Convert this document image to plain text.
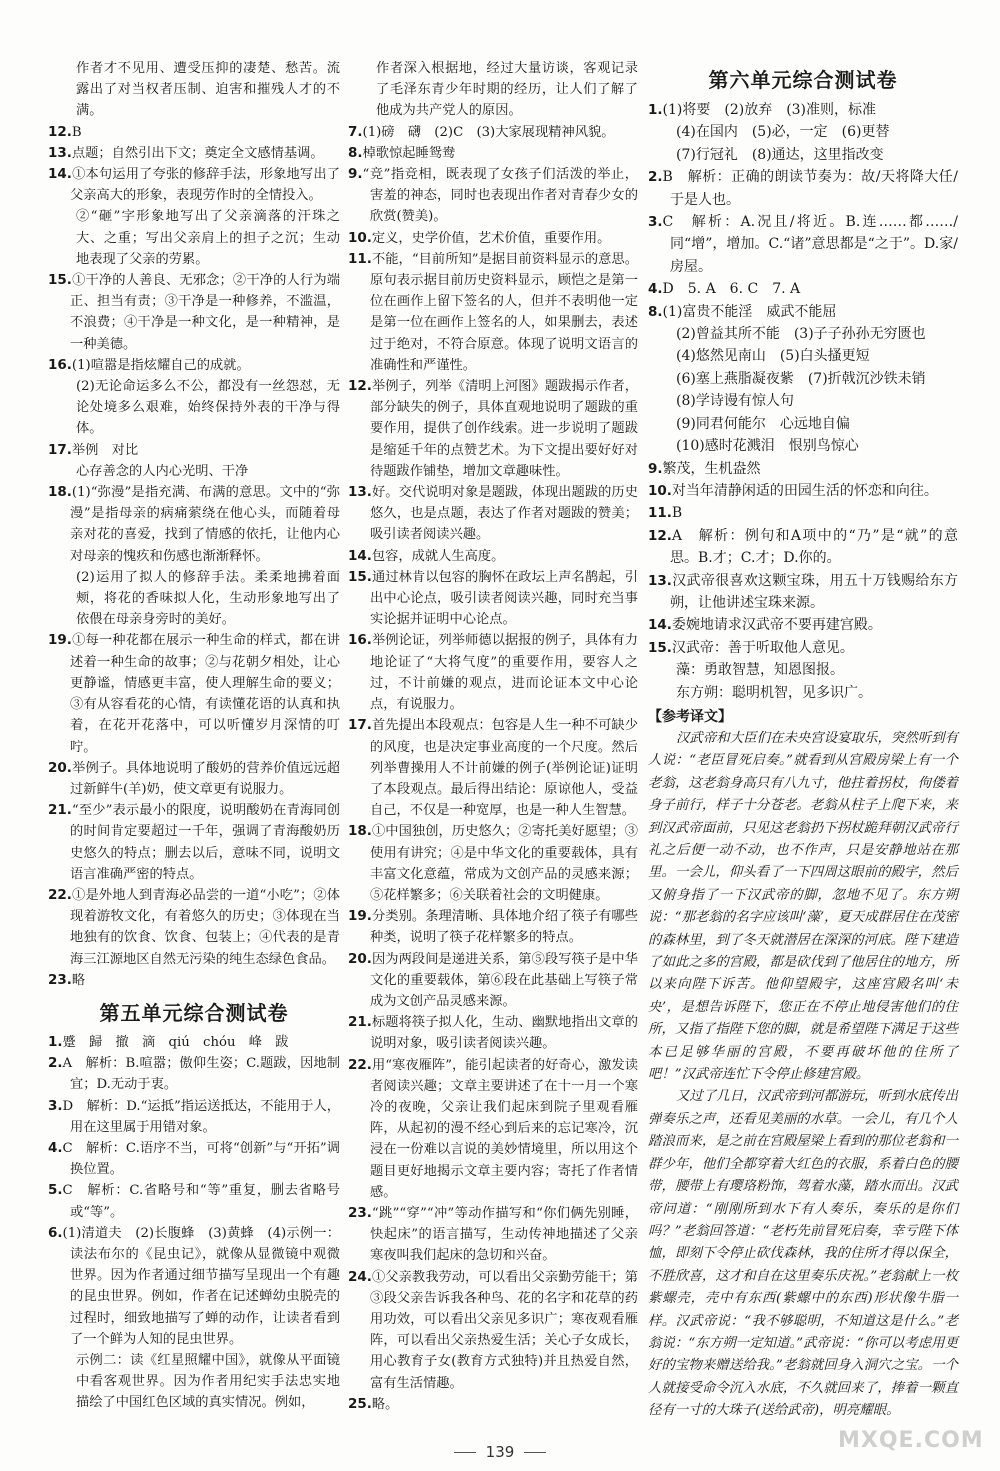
作者才不见用、遭受压抑的凄楚、愁苦。流露出了对当权者压制、迫害和摧残人才的不满。

12.B

13.点题；自然引出下文；奠定全文感情基调。

14.①本句运用了夸张的修辞手法，形象地写出了父亲高大的形象，表现劳作时的全情投入。

②“砸”字形象地写出了父亲滴落的汗珠之大、之重；写出父亲肩上的担子之沉；生动地表现了父亲的劳累。

15.①干净的人善良、无邪念；②干净的人行为端正、担当有责；③干净是一种修养，不滥温，不浪费；④干净是一种文化，是一种精神，是一种美德。

16.(1)喧嚣是指炫耀自己的成就。

(2)无论命运多么不公，都没有一丝怨怼，无论处境多么艰难，始终保持外表的干净与得体。

17.举例　对比

心存善念的人内心光明、干净

18.(1)“弥漫”是指充满、布满的意思。文中的“弥漫”是指母亲的病痛萦绕在他心头，而随着母亲对花的喜爱，找到了情感的依托，让他内心对母亲的愧疚和伤感也渐渐释怀。

(2)运用了拟人的修辞手法。柔柔地拂着面颊，将花的香味拟人化，生动形象地写出了依偎在母亲身旁时的美好。

19.①每一种花都在展示一种生命的样式，都在讲述着一种生命的故事；②与花朝夕相处，让心更静谧，情感更丰富，使人理解生命的要义；③有从容看花的心情，有读懂花语的认真和执着，在花开花落中，可以听懂岁月深情的叮咛。

20.举例子。具体地说明了酸奶的营养价值远远超过新鲜牛(羊)奶，使文章更有说服力。

21.“至少”表示最小的限度，说明酸奶在青海同创的时间肯定要超过一千年，强调了青海酸奶历史悠久的特点；删去以后，意味不同，说明文语言准确严密的特点。

22.①是外地人到青海必品尝的一道“小吃”；②体现着游牧文化，有着悠久的历史；③体现在当地独有的饮食、饮食、包装上；④代表的是青海三江源地区自然无污染的纯生态绿色食品。

23.略

第五单元综合测试卷

1.蹙　歸　撤　滴　qiú　chóu　峰　跋

2.A　解析：B.喧嚣；傲仰生姿；C.题跋，因地制宜；D.无动于衷。

3.D　解析：D.“运抵”指运送抵达，不能用于人，用在这里属于用错对象。

4.C　解析：C.语序不当，可将“创新”与“开拓”调换位置。

5.C　解析：C.省略号和“等”重复，删去省略号或“等”。

6.(1)清道夫　(2)长腹蜂　(3)黄蜂　(4)示例一：读法布尔的《昆虫记》，就像从显微镜中观微世界。因为作者通过细节描写呈现出一个有趣的昆虫世界。例如，作者在记述蝉幼虫脱壳的过程时，细致地描写了蝉的动作，让读者看到了一个鲜为人知的昆虫世界。

示例二：读《红星照耀中国》，就像从平面镜中看客观世界。因为作者用纪实手法忠实地描绘了中国红色区域的真实情况。例如，

作者深入根据地，经过大量访谈，客观记录了毛泽东青少年时期的经历，让人们了解了他成为共产党人的原因。

7.(1)磅　礴　(2)C　(3)大家展现精神风貌。

8.棹歌惊起睡鸳鸯

9.“竞”指竞相，既表现了女孩子们活泼的举止，害羞的神态，同时也表现出作者对青春少女的欣赏(赞美)。

10.定义，史学价值，艺术价值，重要作用。

11.不能，“目前所知”是据目前资料显示的意思。原句表示据目前历史资料显示，顾恺之是第一位在画作上留下签名的人，但并不表明他一定是第一位在画作上签名的人，如果删去，表述过于绝对，不符合原意。体现了说明文语言的准确性和严谨性。

12.举例子，列举《清明上河图》题跋揭示作者，部分缺失的例子，具体直观地说明了题跋的重要作用，提供了创作线索。进一步说明了题跋是缩延千年的点赞艺术。为下文提出要好好对待题跋作铺垫，增加文章趣味性。

13.好。交代说明对象是题跋，体现出题跋的历史悠久，也是点题，表达了作者对题跋的赞美；吸引读者阅读兴趣。

14.包容，成就人生高度。

15.通过林肯以包容的胸怀在政坛上声名鹊起，引出中心论点，吸引读者阅读兴趣，同时充当事实论据并证明中心论点。

16.举例论证，列举师德以据报的例子，具体有力地论证了“大将气度”的重要作用，要容人之过，不计前嫌的观点，进而论证本文中心论点，有说服力。

17.首先提出本段观点：包容是人生一种不可缺少的风度，也是决定事业高度的一个尺度。然后列举曹操用人不计前嫌的例子(举例论证)证明了本段观点。最后得出结论：原谅他人，受益自己，不仅是一种宽厚，也是一种人生智慧。

18.①中国独创，历史悠久；②寄托美好愿望；③使用有讲究；④是中华文化的重要载体，具有丰富文化意蕴，常成为文创产品的灵感来源；⑤花样繁多；⑥关联着社会的文明健康。

19.分类别。条理清晰、具体地介绍了筷子有哪些种类，说明了筷子花样繁多的特点。

20.因为两段间是递进关系，第⑤段写筷子是中华文化的重要载体，第⑥段在此基础上写筷子常成为文创产品灵感来源。

21.标题将筷子拟人化，生动、幽默地指出文章的说明对象，吸引读者阅读兴趣。

22.用“寒夜雁阵”，能引起读者的好奇心，激发读者阅读兴趣；文章主要讲述了在十一月一个寒冷的夜晚，父亲让我们起床到院子里观看雁阵，从起初的漫不经心到后来的忘记寒冷，沉浸在一份难以言说的美妙情境里，所以用这个题目更好地揭示文章主要内容；寄托了作者情感。

23.“跳”“穿”“冲”等动作描写和“你们俩先别睡，快起床”的语言描写，生动传神地描述了父亲寒夜叫我们起床的急切和兴奋。

24.①父亲教我劳动，可以看出父亲勤劳能干；第③段父亲告诉我各种鸟、花的名字和花草的药用功效，可以看出父亲见多识广；寒夜观看雁阵，可以看出父亲热爱生活；关心子女成长，用心教育子女(教育方式独特)并且热爱自然，富有生活情趣。

25.略。

第六单元综合测试卷

1.(1)将要　(2)放弃　(3)准则，标准

(4)在国内　(5)必，一定　(6)更替

(7)行冠礼　(8)通达，这里指改变

2.B　解析：正确的朗读节奏为：故/天将降大任/于是人也。

3.C　解析：A.况且/将近。B.连……都……/同“增”，增加。C.“诸”意思都是“之于”。D.家/房屋。

4.D　5. A　6. C　7. A

8.(1)富贵不能淫　威武不能屈

(2)曾益其所不能　(3)子子孙孙无穷匮也

(4)悠然见南山　(5)白头搔更短

(6)塞上燕脂凝夜紫　(7)折戟沉沙铁未销

(8)学诗谩有惊人句

(9)同君何能尔　心远地自偏

(10)感时花溅泪　恨别鸟惊心

9.繁茂，生机盎然

10.对当年清静闲适的田园生活的怀恋和向往。

11.B

12.A　解析：例句和A项中的“乃”是“就”的意思。B.才；C.才；D.你的。

13.汉武帝很喜欢这颗宝珠，用五十万钱赐给东方朔，让他讲述宝珠来源。

14.委婉地请求汉武帝不要再建宫殿。

15.汉武帝：善于听取他人意见。

藻：勇敢智慧，知恩图报。

东方朔：聪明机智，见多识广。

【参考译文】

汉武帝和大臣们在未央宫设宴取乐，突然听到有人说：“老臣冒死启奏。”就看到从宫殿房梁上有一个老翁，这老翁身高只有八九寸，他拄着拐杖，佝偻着身子前行，样子十分苍老。老翁从柱子上爬下来，来到汉武帝面前，只见这老翁扔下拐杖跪拜朝汉武帝行礼之后便一动不动，也不作声，只是安静地站在那里。一会儿，仰头看了一下四周这眼前的殿宇，然后又俯身指了一下汉武帝的脚，忽地不见了。东方朔说：“那老翁的名字应该叫‘藻’，夏天成群居住在茂密的森林里，到了冬天就潜居在深深的河底。陛下建造了如此之多的宫殿，都是砍伐到了他居住的地方，所以来向陛下诉苦。他仰望殿宇，这座宫殿名叫‘未央’，是想告诉陛下，您正在不停止地侵害他们的住所，又指了指陛下您的脚，就是希望陛下满足于这些本已足够华丽的宫殿，不要再破坏他的住所了吧！”汉武帝连忙下令停止修建宫殿。

又过了几日，汉武帝到河都游玩，听到水底传出弹奏乐之声，还看见美丽的水草。一会儿，有几个人踏浪而来，是之前在宫殿屋梁上看到的那位老翁和一群少年，他们全都穿着大红色的衣服，系着白色的腰带，腰带上有璎珞粉饰，驾着水藻，踏水而出。汉武帝问道：“刚刚所到水下有人奏乐，奏乐的是你们吗？”老翁回答道：“老朽先前冒死启奏，幸亏陛下体恤，即刻下令停止砍伐森林，我的住所才得以保全，不胜欣喜，这才和自在这里奏乐庆祝。”老翁献上一枚紫螺壳，壳中有东西(紫螺中的东西)形状像牛脂一样。汉武帝说：“我不够聪明，不知道这是什么。”老翁说：“东方朔一定知道。”武帝说：“你可以考虑用更好的宝物来赠送给我。”老翁就回身入洞穴之宝。一个人就接受命令沉入水底，不久就回来了，捧着一颗直径有一寸的大珠子(送给武帝)，明亮耀眼。

139	MXQE.COM
